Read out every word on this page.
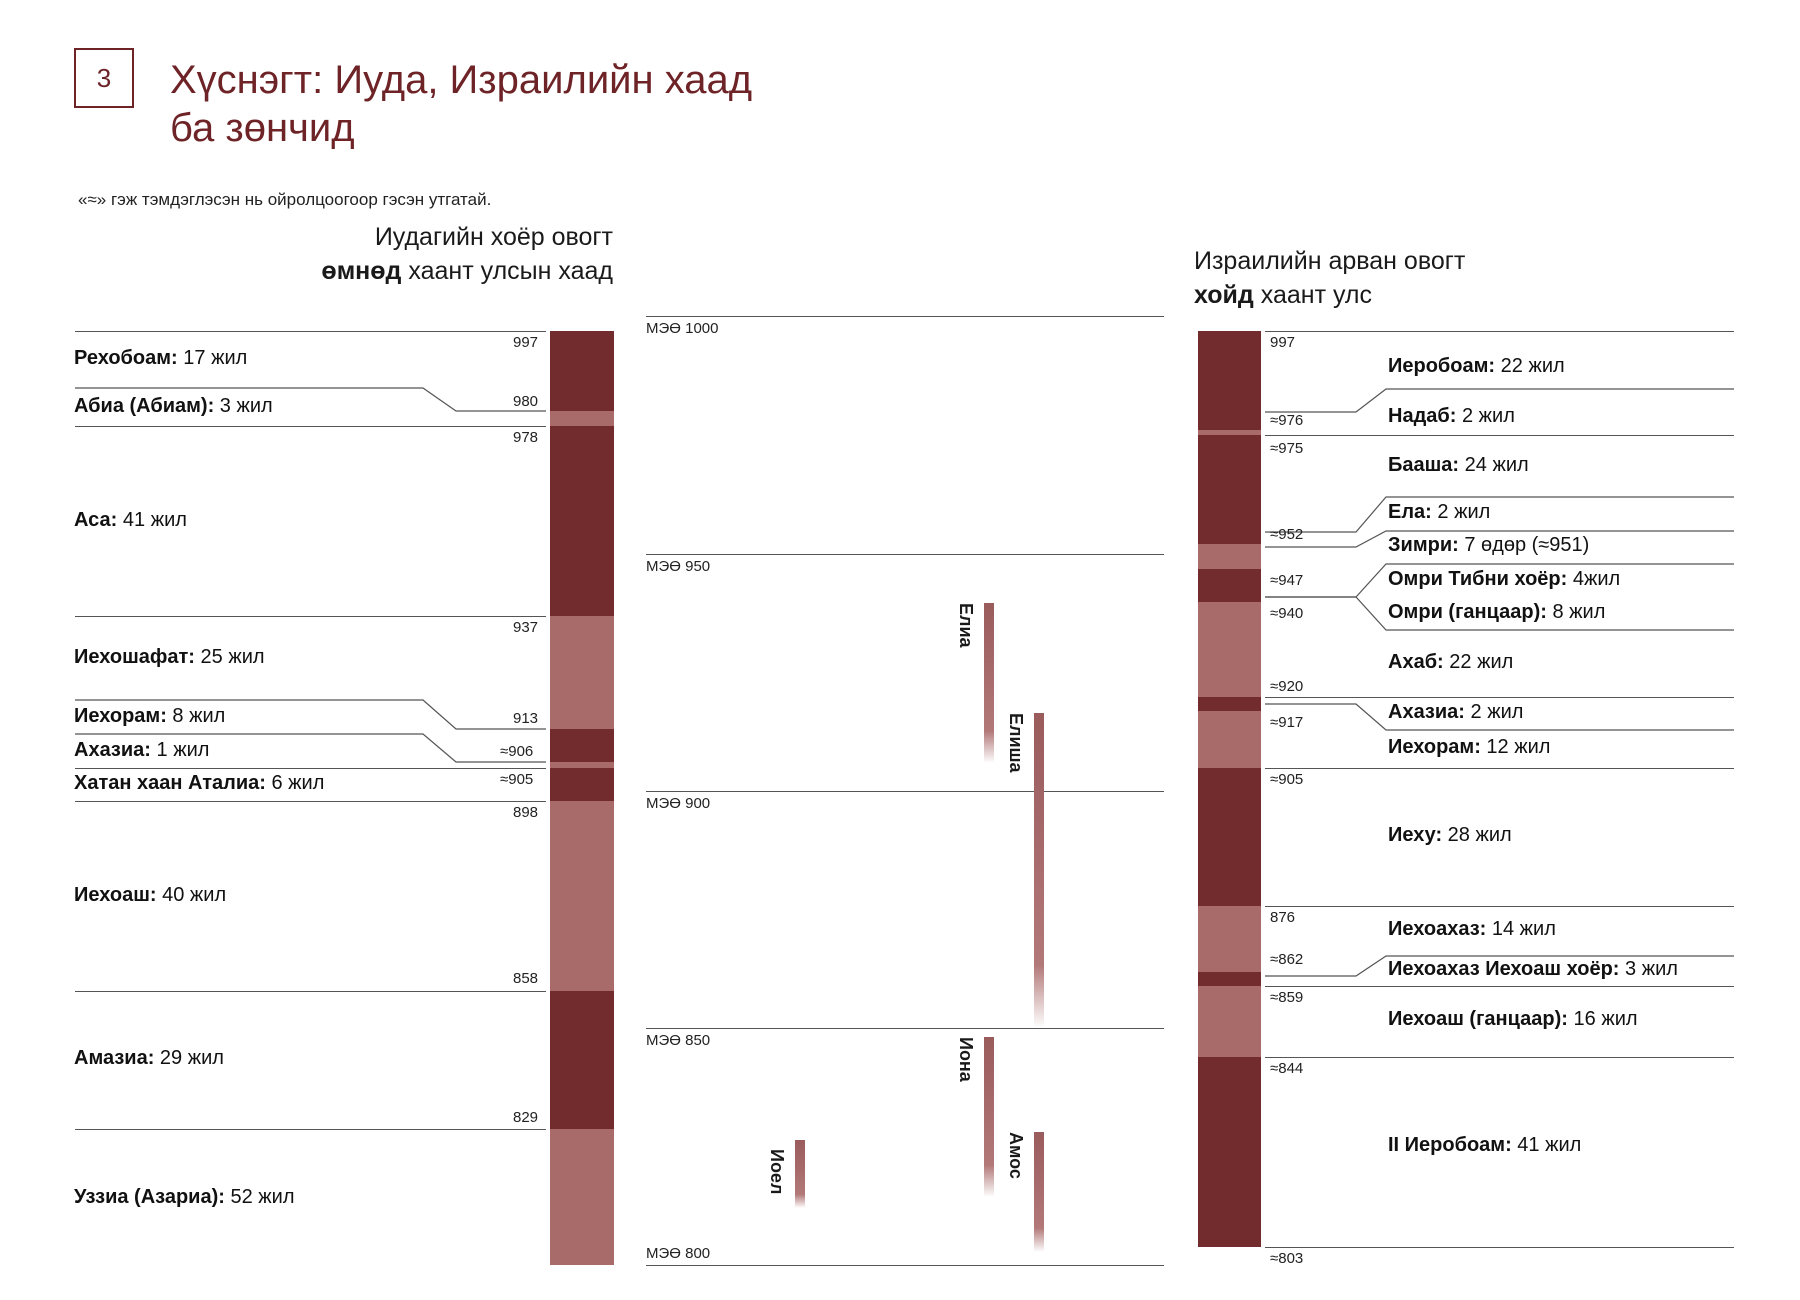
3 Хүснэгт: Иуда, Израилийн хаад
ба зөнчид
«≈» гэж тэмдэглэсэн нь ойролцоогоор гэсэн утгатай.
Иудагийн хоёр овогт
өмнөд хаант улсын хаад	Израилийн арван овогт
хойд хаант улс
997
980
978
937
913
≈906
≈905
898
858
829
Рехобоам: 17 жил
Абиа (Абиам): 3 жил
Аса: 41 жил
Иехошафат: 25 жил
Иехорам: 8 жил
Ахазиа: 1 жил
Хатан хаан Аталиа: 6 жил
Иехоаш: 40 жил
Амазиа: 29 жил
Уззиа (Азариа): 52 жил
МЭӨ 1000
МЭӨ 950
МЭӨ 900
МЭӨ 850
МЭӨ 800
Елиа
Елиша
Иона
Амос
Иоел
997
≈976
≈975
≈952
≈947
≈940
≈920
≈917
≈905
876
≈862
≈859
≈844
≈803
Иеробоам: 22 жил
Надаб: 2 жил
Бааша: 24 жил
Ела: 2 жил
Зимри: 7 өдөр (≈951)
Омри Тибни хоёр: 4жил
Омри (ганцаар): 8 жил
Ахаб: 22 жил
Ахазиа: 2 жил
Иехорам: 12 жил
Иеху: 28 жил
Иехоахаз: 14 жил
Иехоахаз Иехоаш хоёр: 3 жил
Иехоаш (ганцаар): 16 жил
II Иеробоам: 41 жил
